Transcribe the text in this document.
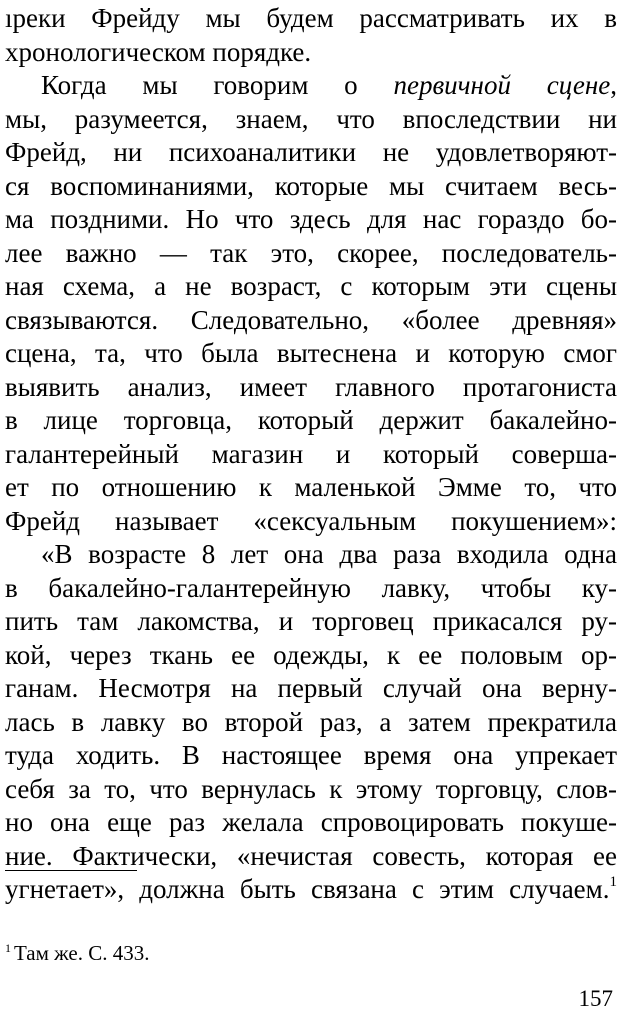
ıреки Фрейду мы будем рассматривать их в
хронологическом порядке.
Когда мы говорим о первичной сцене,
мы, разумеется, знаем, что впоследствии ни
Фрейд, ни психоаналитики не удовлетворяют-
ся воспоминаниями, которые мы считаем весь-
ма поздними. Но что здесь для нас гораздо бо-
лее важно — так это, скорее, последователь-
ная схема, а не возраст, с которым эти сцены
связываются. Следовательно, «более древняя»
сцена, та, что была вытеснена и которую смог
выявить анализ, имеет главного протагониста
в лице торговца, который держит бакалейно-
галантерейный магазин и который соверша-
ет по отношению к маленькой Эмме то, что
Фрейд называет «сексуальным покушением»:
«В возрасте 8 лет она два раза входила одна
в бакалейно-галантерейную лавку, чтобы ку-
пить там лакомства, и торговец прикасался ру-
кой, через ткань ее одежды, к ее половым ор-
ганам. Несмотря на первый случай она верну-
лась в лавку во второй раз, а затем прекратила
туда ходить. В настоящее время она упрекает
себя за то, что вернулась к этому торговцу, слов-
но она еще раз желала спровоцировать покуше-
ние. Фактически, «нечистая совесть, которая ее
угнетает», должна быть связана с этим случаем.$^1$
$^1$ Там же. С. 433.
157
